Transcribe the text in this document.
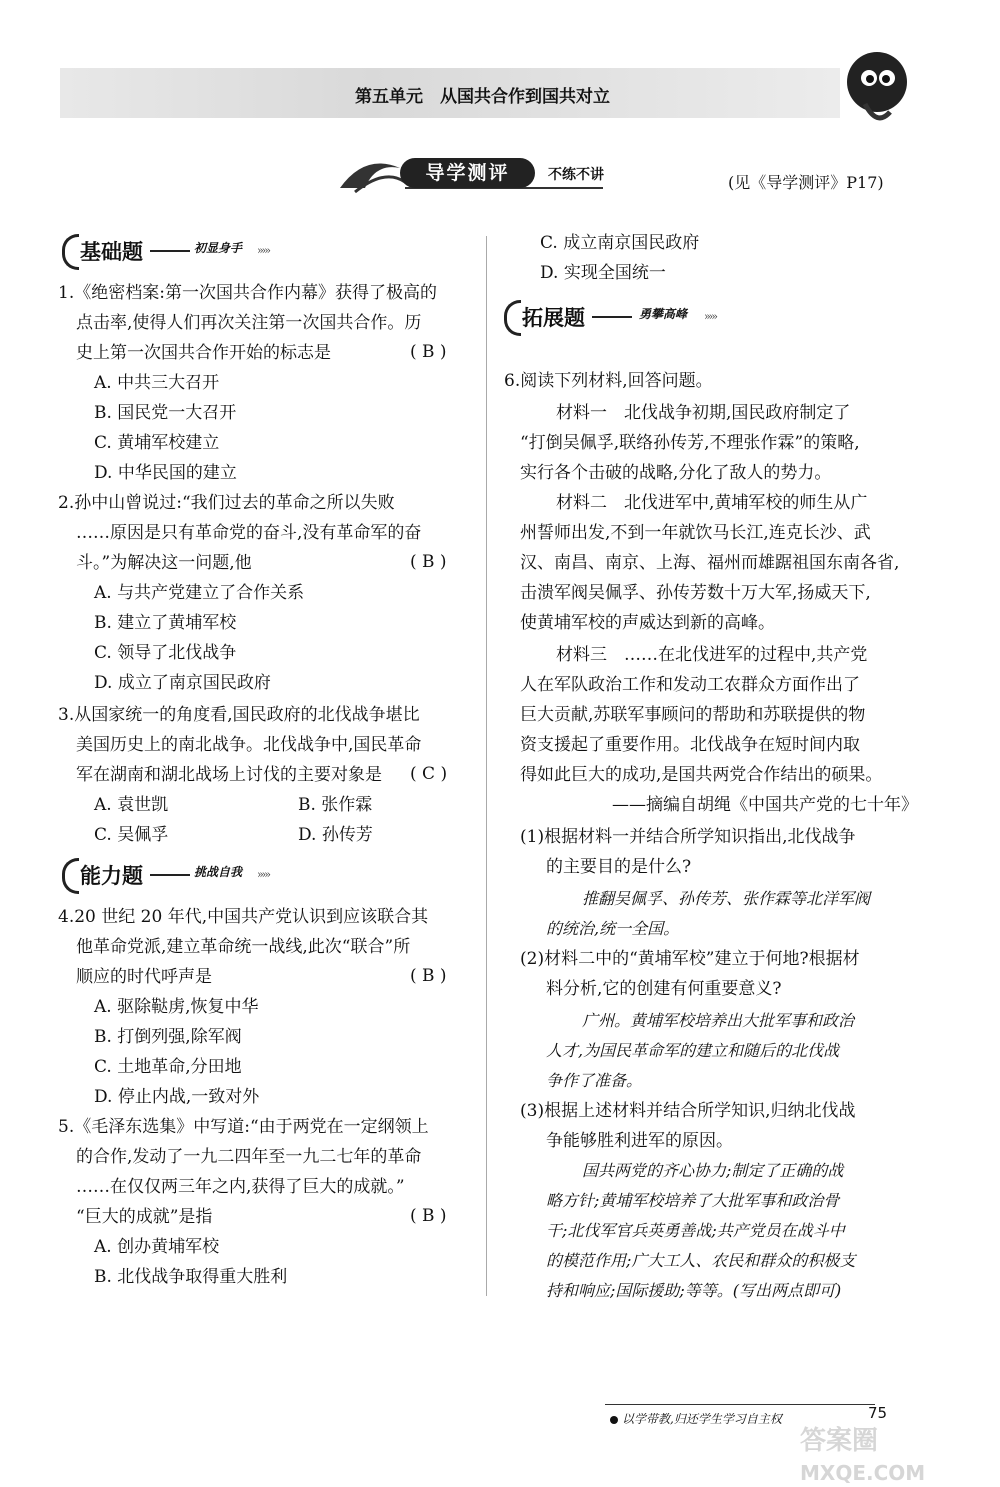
第五单元　从国共合作到国共对立
导学测评	不练不讲	(见《导学测评》P17)
基础题	初显身手 ›››››
1.《绝密档案:第一次国共合作内幕》获得了极高的
点击率,使得人们再次关注第一次国共合作。历
史上第一次国共合作开始的标志是	( B )
A. 中共三大召开
B. 国民党一大召开
C. 黄埔军校建立
D. 中华民国的建立
2.孙中山曾说过:“我们过去的革命之所以失败
……原因是只有革命党的奋斗,没有革命军的奋
斗。”为解决这一问题,他	( B )
A. 与共产党建立了合作关系
B. 建立了黄埔军校
C. 领导了北伐战争
D. 成立了南京国民政府
3.从国家统一的角度看,国民政府的北伐战争堪比
美国历史上的南北战争。北伐战争中,国民革命
军在湖南和湖北战场上讨伐的主要对象是 ( C )
A. 袁世凯	B. 张作霖
C. 吴佩孚	D. 孙传芳
能力题	挑战自我 ›››››
4.20 世纪 20 年代,中国共产党认识到应该联合其
他革命党派,建立革命统一战线,此次“联合”所
顺应的时代呼声是	( B )
A. 驱除鞑虏,恢复中华
B. 打倒列强,除军阀
C. 土地革命,分田地
D. 停止内战,一致对外
5.《毛泽东选集》中写道:“由于两党在一定纲领上
的合作,发动了一九二四年至一九二七年的革命
……在仅仅两三年之内,获得了巨大的成就。”
“巨大的成就”是指	( B )
A. 创办黄埔军校
B. 北伐战争取得重大胜利
C. 成立南京国民政府
D. 实现全国统一
拓展题	勇攀高峰 ›››››
6.阅读下列材料,回答问题。
材料一　北伐战争初期,国民政府制定了
“打倒吴佩孚,联络孙传芳,不理张作霖”的策略,
实行各个击破的战略,分化了敌人的势力。
材料二　北伐进军中,黄埔军校的师生从广
州誓师出发,不到一年就饮马长江,连克长沙、武
汉、南昌、南京、上海、福州而雄踞祖国东南各省,
击溃军阀吴佩孚、孙传芳数十万大军,扬威天下,
使黄埔军校的声威达到新的高峰。
材料三　……在北伐进军的过程中,共产党
人在军队政治工作和发动工农群众方面作出了
巨大贡献,苏联军事顾问的帮助和苏联提供的物
资支援起了重要作用。北伐战争在短时间内取
得如此巨大的成功,是国共两党合作结出的硕果。
——摘编自胡绳《中国共产党的七十年》
(1)根据材料一并结合所学知识指出,北伐战争
的主要目的是什么?
推翻吴佩孚、孙传芳、张作霖等北洋军阀
的统治,统一全国。
(2)材料二中的“黄埔军校”建立于何地?根据材
料分析,它的创建有何重要意义?
广州。黄埔军校培养出大批军事和政治
人才,为国民革命军的建立和随后的北伐战
争作了准备。
(3)根据上述材料并结合所学知识,归纳北伐战
争能够胜利进军的原因。
国共两党的齐心协力;制定了正确的战
略方针;黄埔军校培养了大批军事和政治骨
干;北伐军官兵英勇善战;共产党员在战斗中
的模范作用;广大工人、农民和群众的积极支
持和响应;国际援助;等等。(写出两点即可)
以学带教,归还学生学习自主权	75
答案圈
MXQE.COM
